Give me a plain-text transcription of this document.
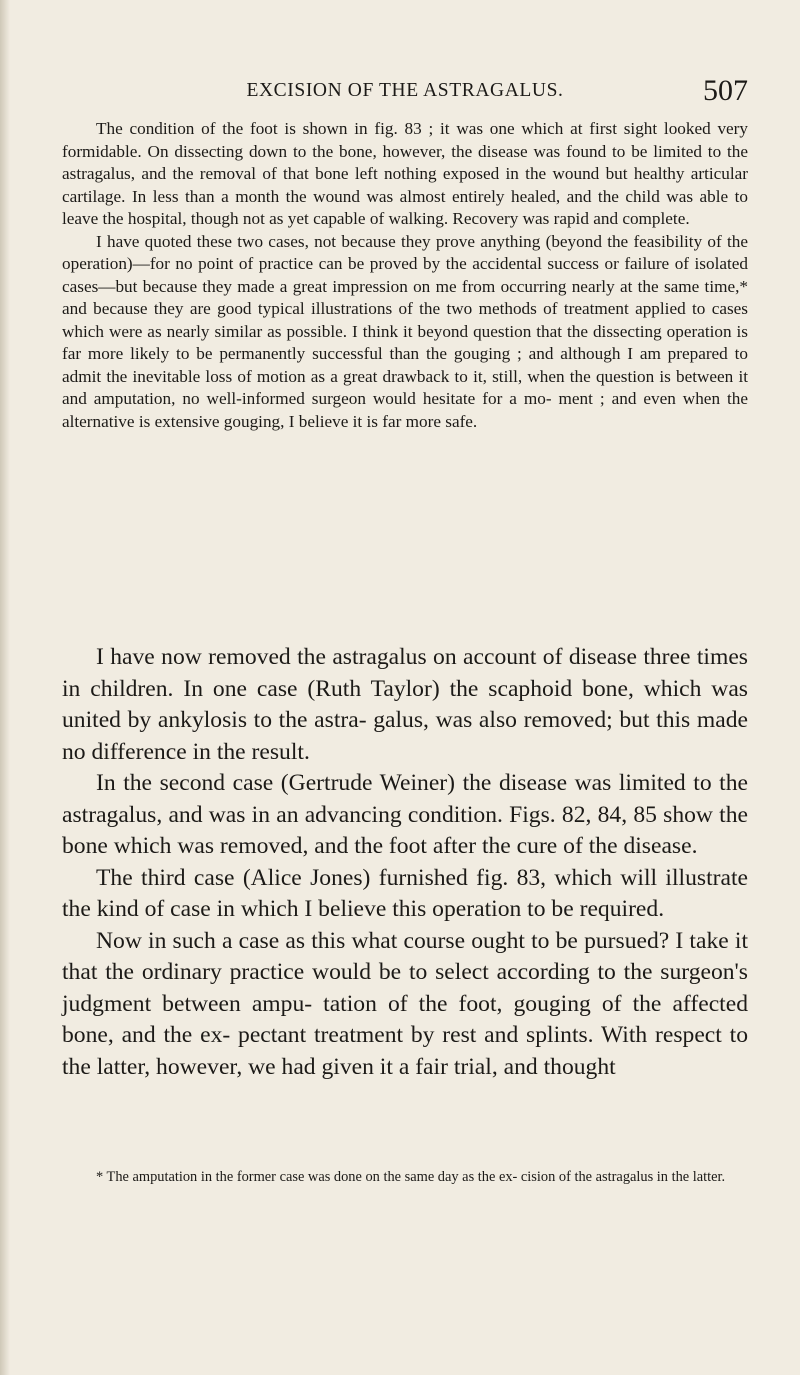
EXCISION OF THE ASTRAGALUS.	507

The condition of the foot is shown in fig. 83 ; it was one which at first sight looked very formidable. On dissecting down to the bone, however, the disease was found to be limited to the astragalus, and the removal of that bone left nothing exposed in the wound but healthy articular cartilage. In less than a month the wound was almost entirely healed, and the child was able to leave the hospital, though not as yet capable of walking. Recovery was rapid and complete.

I have quoted these two cases, not because they prove anything (beyond the feasibility of the operation)—for no point of practice can be proved by the accidental success or failure of isolated cases—but because they made a great impression on me from occurring nearly at the same time,* and because they are good typical illustrations of the two methods of treatment applied to cases which were as nearly similar as possible. I think it beyond question that the dissecting operation is far more likely to be permanently successful than the gouging ; and although I am prepared to admit the inevitable loss of motion as a great drawback to it, still, when the question is between it and amputation, no well-informed surgeon would hesitate for a mo- ment ; and even when the alternative is extensive gouging, I believe it is far more safe.

I have now removed the astragalus on account of disease three times in children. In one case (Ruth Taylor) the scaphoid bone, which was united by ankylosis to the astra- galus, was also removed; but this made no difference in the result.

In the second case (Gertrude Weiner) the disease was limited to the astragalus, and was in an advancing condition. Figs. 82, 84, 85 show the bone which was removed, and the foot after the cure of the disease.

The third case (Alice Jones) furnished fig. 83, which will illustrate the kind of case in which I believe this operation to be required.

Now in such a case as this what course ought to be pursued? I take it that the ordinary practice would be to select according to the surgeon's judgment between ampu- tation of the foot, gouging of the affected bone, and the ex- pectant treatment by rest and splints. With respect to the latter, however, we had given it a fair trial, and thought

* The amputation in the former case was done on the same day as the ex- cision of the astragalus in the latter.
